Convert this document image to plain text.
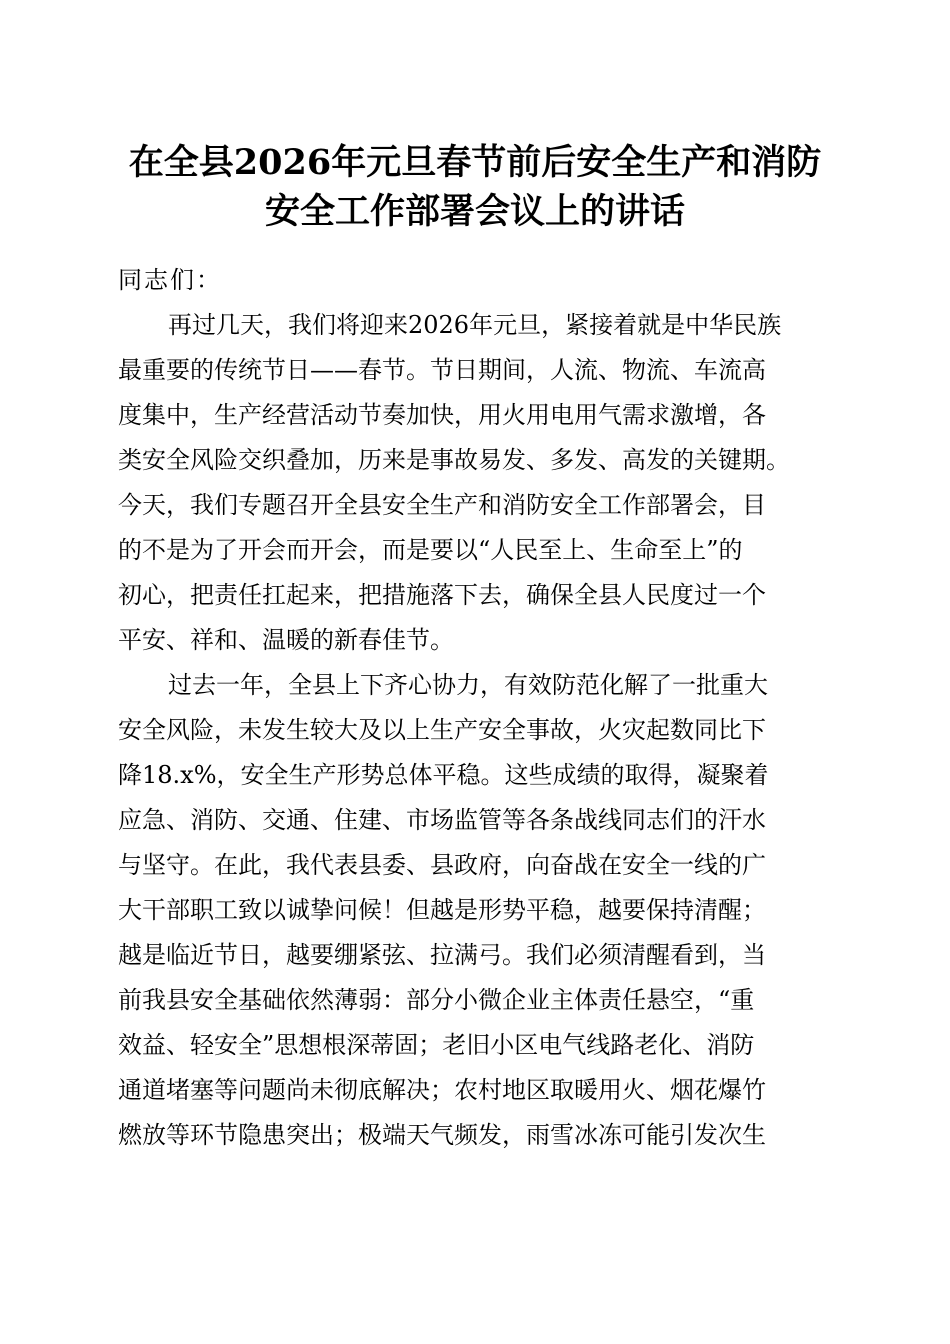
在全县2026年元旦春节前后安全生产和消防
安全工作部署会议上的讲话
同志们：
再过几天，我们将迎来2026年元旦，紧接着就是中华民族
最重要的传统节日——春节。节日期间，人流、物流、车流高
度集中，生产经营活动节奏加快，用火用电用气需求激增，各
类安全风险交织叠加，历来是事故易发、多发、高发的关键期。
今天，我们专题召开全县安全生产和消防安全工作部署会，目
的不是为了开会而开会，而是要以“人民至上、生命至上”的
初心，把责任扛起来，把措施落下去，确保全县人民度过一个
平安、祥和、温暖的新春佳节。
过去一年，全县上下齐心协力，有效防范化解了一批重大
安全风险，未发生较大及以上生产安全事故，火灾起数同比下
降18.x%，安全生产形势总体平稳。这些成绩的取得，凝聚着
应急、消防、交通、住建、市场监管等各条战线同志们的汗水
与坚守。在此，我代表县委、县政府，向奋战在安全一线的广
大干部职工致以诚挚问候！但越是形势平稳，越要保持清醒；
越是临近节日，越要绷紧弦、拉满弓。我们必须清醒看到，当
前我县安全基础依然薄弱：部分小微企业主体责任悬空，“重
效益、轻安全”思想根深蒂固；老旧小区电气线路老化、消防
通道堵塞等问题尚未彻底解决；农村地区取暖用火、烟花爆竹
燃放等环节隐患突出；极端天气频发，雨雪冰冻可能引发次生
